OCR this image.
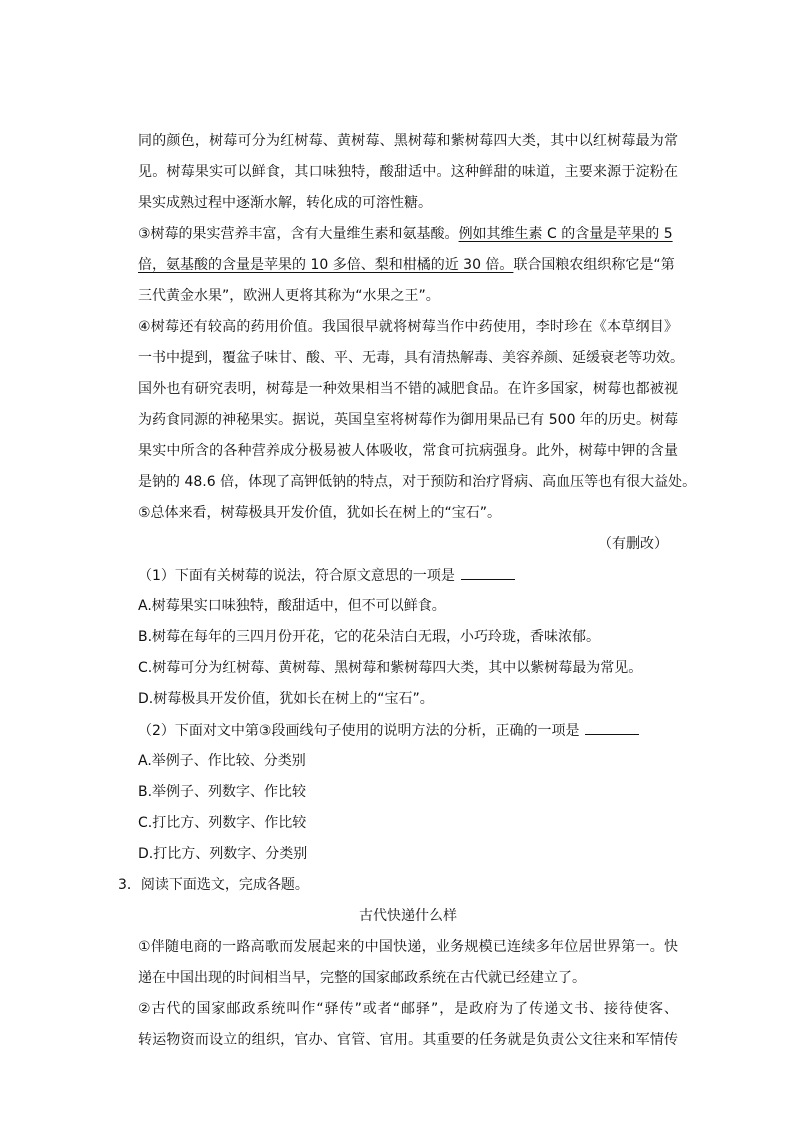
同的颜色，树莓可分为红树莓、黄树莓、黑树莓和紫树莓四大类，其中以红树莓最为常
见。树莓果实可以鲜食，其口味独特，酸甜适中。这种鲜甜的味道，主要来源于淀粉在
果实成熟过程中逐渐水解，转化成的可溶性糖。
③树莓的果实营养丰富，含有大量维生素和氨基酸。例如其维生素 C 的含量是苹果的 5
倍，氨基酸的含量是苹果的 10 多倍、梨和柑橘的近 30 倍。联合国粮农组织称它是“第
三代黄金水果”，欧洲人更将其称为“水果之王”。
④树莓还有较高的药用价值。我国很早就将树莓当作中药使用，李时珍在《本草纲目》
一书中提到，覆盆子味甘、酸、平、无毒，具有清热解毒、美容养颜、延缓衰老等功效。
国外也有研究表明，树莓是一种效果相当不错的减肥食品。在许多国家，树莓也都被视
为药食同源的神秘果实。据说，英国皇室将树莓作为御用果品已有 500 年的历史。树莓
果实中所含的各种营养成分极易被人体吸收，常食可抗病强身。此外，树莓中钾的含量
是钠的 48.6 倍，体现了高钾低钠的特点，对于预防和治疗肾病、高血压等也有很大益处。
⑤总体来看，树莓极具开发价值，犹如长在树上的“宝石”。
（有删改）
（1）下面有关树莓的说法，符合原文意思的一项是
A.树莓果实口味独特，酸甜适中，但不可以鲜食。
B.树莓在每年的三四月份开花，它的花朵洁白无瑕，小巧玲珑，香味浓郁。
C.树莓可分为红树莓、黄树莓、黑树莓和紫树莓四大类，其中以紫树莓最为常见。
D.树莓极具开发价值，犹如长在树上的“宝石”。
（2）下面对文中第③段画线句子使用的说明方法的分析，正确的一项是
A.举例子、作比较、分类别
B.举例子、列数字、作比较
C.打比方、列数字、作比较
D.打比方、列数字、分类别
3．阅读下面选文，完成各题。
古代快递什么样
①伴随电商的一路高歌而发展起来的中国快递，业务规模已连续多年位居世界第一。快
递在中国出现的时间相当早，完整的国家邮政系统在古代就已经建立了。
②古代的国家邮政系统叫作“驿传”或者“邮驿”，是政府为了传递文书、接待使客、
转运物资而设立的组织，官办、官管、官用。其重要的任务就是负责公文往来和军情传
